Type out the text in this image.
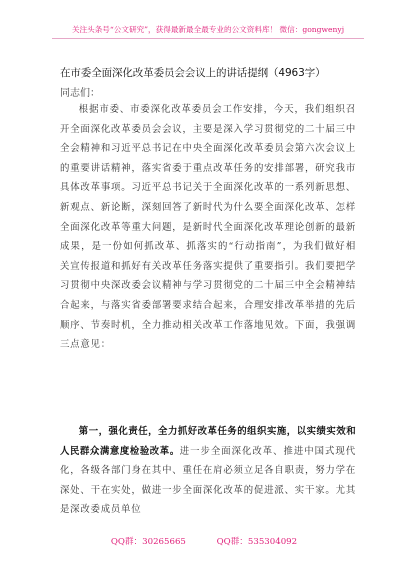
关注头条号“公文研究”，获得最新最全最专业的公文资料库！ 微信：gongwenyj
在市委全面深化改革委员会会议上的讲话提纲（4963字）
同志们：
根据市委、市委深化改革委员会工作安排，今天，我们组织召开全面深化改革委员会会议，主要是深入学习贯彻党的二十届三中全会精神和习近平总书记在中央全面深化改革委员会第六次会议上的重要讲话精神，落实省委于重点改革任务的安排部署，研究我市具体改革事项。习近平总书记关于全面深化改革的一系列新思想、新观点、新论断，深刻回答了新时代为什么要全面深化改革、怎样全面深化改革等重大问题，是新时代全面深化改革理论创新的最新成果，是一份如何抓改革、抓落实的“行动指南”，为我们做好相关宣传报道和抓好有关改革任务落实提供了重要指引。我们要把学习贯彻中央深改委会议精神与学习贯彻党的二十届三中全会精神结合起来，与落实省委部署要求结合起来，合理安排改革举措的先后顺序、节奏时机，全力推动相关改革工作落地见效。下面，我强调三点意见：
第一，强化责任，全力抓好改革任务的组织实施，以实绩实效和人民群众满意度检验改革。进一步全面深化改革、推进中国式现代化，各级各部门身在其中、重任在肩必须立足各自职责，努力学在深处、干在实处，做进一步全面深化改革的促进派、实干家。尤其是深改委成员单位
QQ群：30265665	QQ群：535304092
